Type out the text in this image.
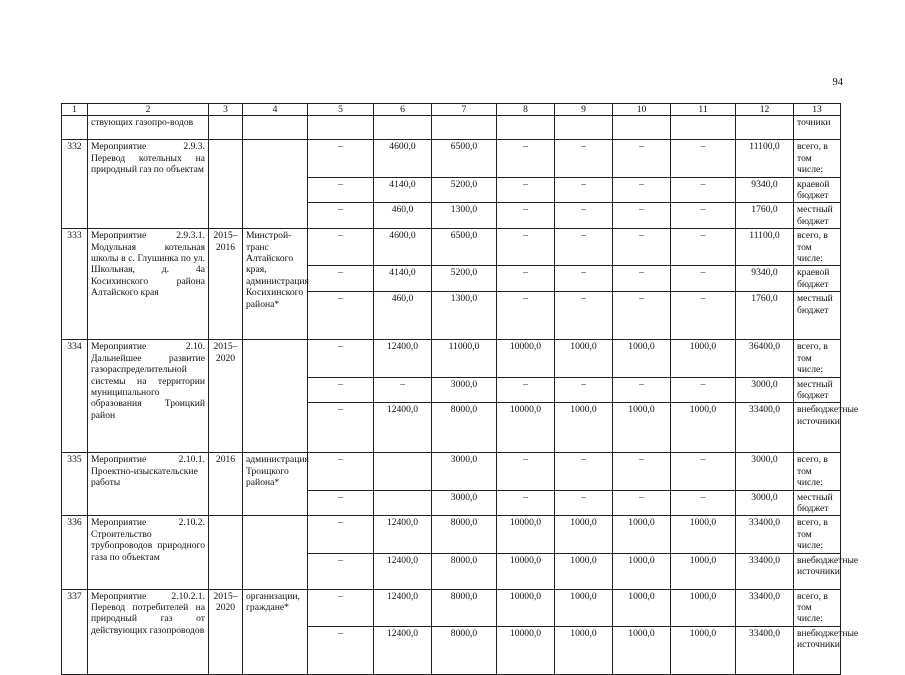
94
1	2	3	4	5	6	7	8	9	10	11	12	13
	ствующих газопро-водов											точники
332	Мероприятие 2.9.3. Перевод котельных на природный газ по объектам			–	4600,0	6500,0	–	–	–	–	11100,0	всего, в том числе:
				–	4140,0	5200,0	–	–	–	–	9340,0	краевой бюджет
				–	460,0	1300,0	–	–	–	–	1760,0	местный бюджет
333	Мероприятие 2.9.3.1. Модульная котельная школы в с. Глушинка по ул. Школьная, д. 4а Косихинского района Алтайского края	2015–2016	Минстрой-транс Алтайского края, администрация Косихинского района*	–	4600,0	6500,0	–	–	–	–	11100,0	всего, в том числе:
				–	4140,0	5200,0	–	–	–	–	9340,0	краевой бюджет
				–	460,0	1300,0	–	–	–	–	1760,0	местный бюджет
334	Мероприятие 2.10. Дальнейшее развитие газораспределительной системы на территории муниципального образования Троицкий район	2015–2020		–	12400,0	11000,0	10000,0	1000,0	1000,0	1000,0	36400,0	всего, в том числе:
				–	–	3000,0	–	–	–	–	3000,0	местный бюджет
				–	12400,0	8000,0	10000,0	1000,0	1000,0	1000,0	33400,0	внебюджетные источники
335	Мероприятие 2.10.1. Проектно-изыскательские работы	2016	администрация Троицкого района*	–		3000,0	–	–	–	–	3000,0	всего, в том числе:
				–		3000,0	–	–	–	–	3000,0	местный бюджет
336	Мероприятие 2.10.2. Строительство трубопроводов природного газа по объектам			–	12400,0	8000,0	10000,0	1000,0	1000,0	1000,0	33400,0	всего, в том числе:
				–	12400,0	8000,0	10000,0	1000,0	1000,0	1000,0	33400,0	внебюджетные источники
337	Мероприятие 2.10.2.1. Перевод потребителей на природный газ от действующих газопроводов	2015–2020	организации, граждане*	–	12400,0	8000,0	10000,0	1000,0	1000,0	1000,0	33400,0	всего, в том числе:
				–	12400,0	8000,0	10000,0	1000,0	1000,0	1000,0	33400,0	внебюджетные источники
